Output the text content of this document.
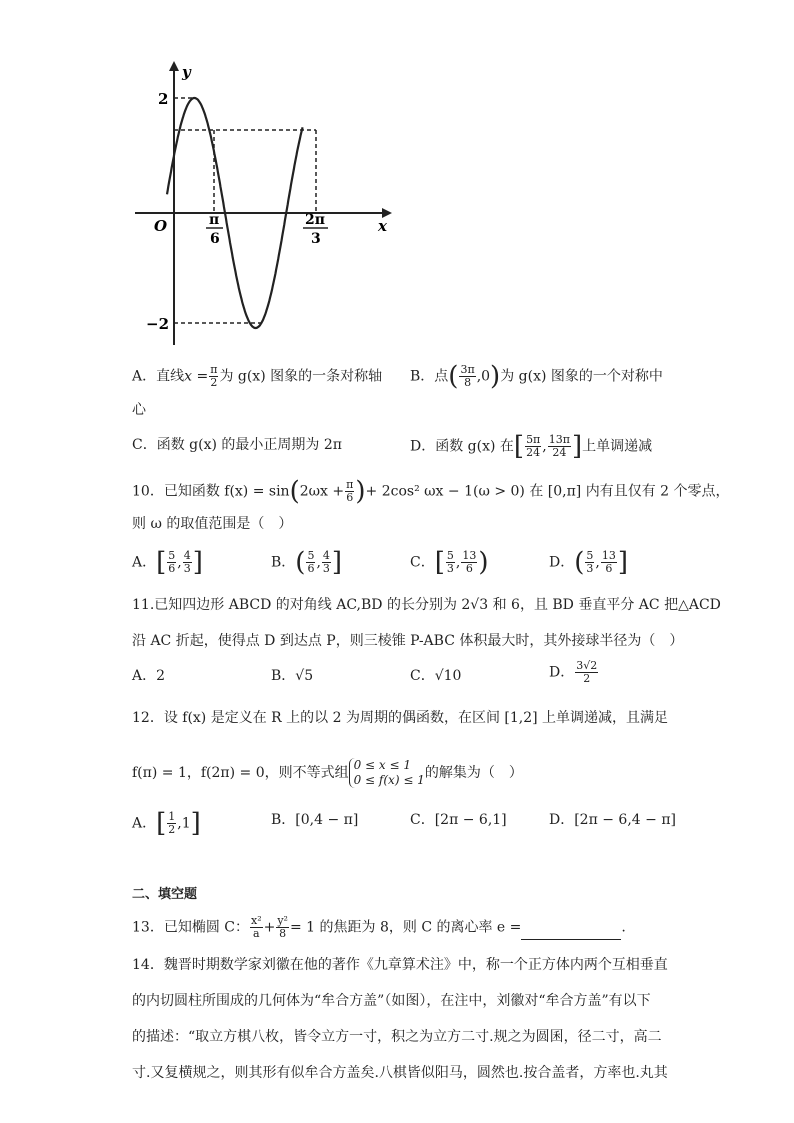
y
x
O
2
−2
π
6
2π
3
A．直线$x = \frac{\pi}{2}$ 为 g(x) 图象的一条对称轴 B．点( $\frac{3\pi}{8} ,0$)为 g(x) 图象的一个对称中
心
C．函数 g(x) 的最小正周期为 2π	D．函数 g(x) 在[ $\frac{5\pi}{24}$ , $\frac{13\pi}{24}$ ]上单调递减
10．已知函数 $f(x) = \sin(2\omega x + \frac{\pi}{6}$ )+ 2cos² ωx − 1(ω > 0) 在 [0,π] 内有且仅有 2 个零点，
则 ω 的取值范围是（　）
A．[ $\frac{5}{6}$ , $\frac{4}{3}$ ]	B．( $\frac{5}{6}$ , $\frac{4}{3}$ ]	C．[ $\frac{5}{3}$ , $\frac{13}{6}$ )	D．( $\frac{5}{3}$ , $\frac{13}{6}$ ]
11.已知四边形 ABCD 的对角线 AC,BD 的长分别为 2√3 和 6，且 BD 垂直平分 AC 把△ACD
沿 AC 折起，使得点 D 到达点 P，则三棱锥 P-ABC 体积最大时，其外接球半径为（　）
A．2	B．√5	C．√10	D． $\frac{3√2}{2}$
12．设 f(x) 是定义在 R 上的以 2 为周期的偶函数，在区间 [1,2] 上单调递减，且满足
f(π) = 1，f(2π) = 0，则不等式组 0 ≤ x ≤ 1
0 ≤ f(x) ≤ 1 的解集为（　）
A．[ $\frac{1}{2} ,1$]	B．[0,4 − π]	C．[2π − 6,1]	D．[2π − 6,4 − π]
二、填空题
13．已知椭圆 C： $\frac{\text{x²}}{a} + \frac{\text{y²}}{8} = 1$ 的焦距为 8，则 C 的离心率 e =	.
14．魏晋时期数学家刘徽在他的著作《九章算术注》中，称一个正方体内两个互相垂直
的内切圆柱所围成的几何体为“牟合方盖”（如图），在注中，刘徽对“牟合方盖”有以下
的描述：“取立方棋八枚，皆令立方一寸，积之为立方二寸.规之为圆囷，径二寸，高二
寸.又复横规之，则其形有似牟合方盖矣.八棋皆似阳马，圆然也.按合盖者，方率也.丸其
